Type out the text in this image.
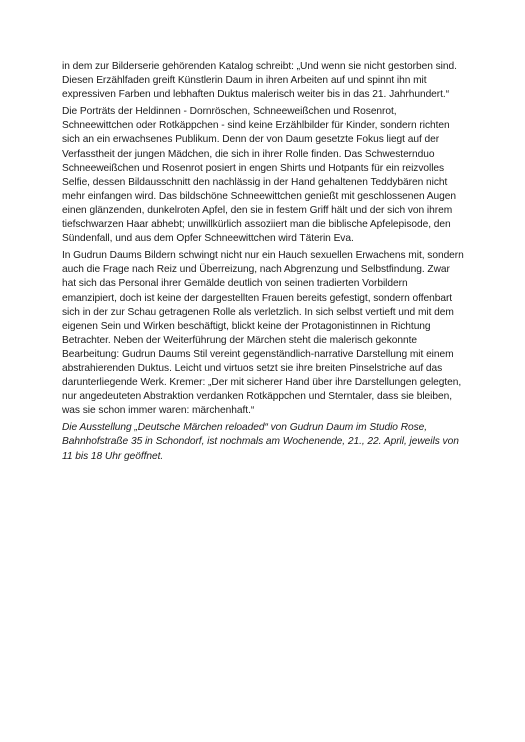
in dem zur Bilderserie gehörenden Katalog schreibt: „Und wenn sie nicht gestorben sind. Diesen Erzählfaden greift Künstlerin Daum in ihren Arbeiten auf und spinnt ihn mit expressiven Farben und lebhaften Duktus malerisch weiter bis in das 21. Jahrhundert.“

Die Porträts der Heldinnen - Dornröschen, Schneeweißchen und Rosenrot, Schneewittchen oder Rotkäppchen - sind keine Erzählbilder für Kinder, sondern richten sich an ein erwachsenes Publikum. Denn der von Daum gesetzte Fokus liegt auf der Verfasstheit der jungen Mädchen, die sich in ihrer Rolle finden. Das Schwesternduo Schneeweißchen und Rosenrot posiert in engen Shirts und Hotpants für ein reizvolles Selfie, dessen Bildausschnitt den nachlässig in der Hand gehaltenen Teddybären nicht mehr einfangen wird. Das bildschöne Schneewittchen genießt mit geschlossenen Augen einen glänzenden, dunkelroten Apfel, den sie in festem Griff hält und der sich von ihrem tiefschwarzen Haar abhebt; unwillkürlich assoziiert man die biblische Apfelepisode, den Sündenfall, und aus dem Opfer Schneewittchen wird Täterin Eva.

In Gudrun Daums Bildern schwingt nicht nur ein Hauch sexuellen Erwachens mit, sondern auch die Frage nach Reiz und Überreizung, nach Abgrenzung und Selbstfindung. Zwar hat sich das Personal ihrer Gemälde deutlich von seinen tradierten Vorbildern emanzipiert, doch ist keine der dargestellten Frauen bereits gefestigt, sondern offenbart sich in der zur Schau getragenen Rolle als verletzlich. In sich selbst vertieft und mit dem eigenen Sein und Wirken beschäftigt, blickt keine der Protagonistinnen in Richtung Betrachter. Neben der Weiterführung der Märchen steht die malerisch gekonnte Bearbeitung: Gudrun Daums Stil vereint gegenständlich-narrative Darstellung mit einem abstrahierenden Duktus. Leicht und virtuos setzt sie ihre breiten Pinselstriche auf das darunterliegende Werk. Kremer: „Der mit sicherer Hand über ihre Darstellungen gelegten, nur angedeuteten Abstraktion verdanken Rotkäppchen und Sterntaler, dass sie bleiben, was sie schon immer waren: märchenhaft.“

Die Ausstellung „Deutsche Märchen reloaded“ von Gudrun Daum im Studio Rose, Bahnhofstraße 35 in Schondorf, ist nochmals am Wochenende, 21., 22. April, jeweils von 11 bis 18 Uhr geöffnet.
